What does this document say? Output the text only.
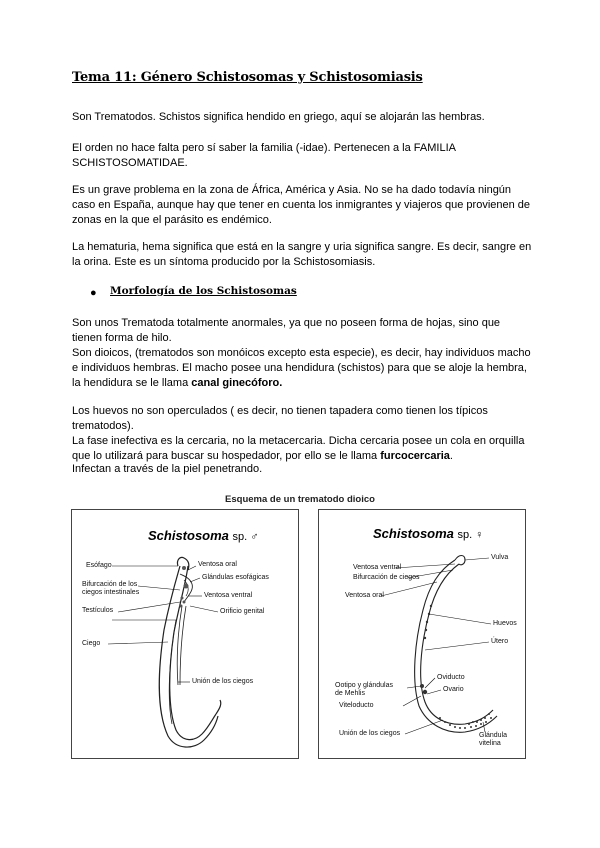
Tema 11: Género Schistosomas y Schistosomiasis
Son Trematodos. Schistos significa hendido en griego, aquí se alojarán las hembras.
El orden no hace falta pero sí saber la familia (-idae). Pertenecen a la FAMILIA SCHISTOSOMATIDAE.
Es un grave problema en la zona de África, América y Asia. No se ha dado todavía ningún caso en España, aunque hay que tener en cuenta los inmigrantes y viajeros que provienen de zonas en la que el parásito es endémico.
La hematuria, hema significa que está en la sangre y uria significa sangre. Es decir, sangre en la orina. Este es un síntoma producido por la Schistosomiasis.
● Morfología de los Schistosomas
Son unos Trematoda totalmente anormales, ya que no poseen forma de hojas, sino que tienen forma de hilo.
Son dioicos, (trematodos son monóicos excepto esta especie), es decir, hay individuos macho e individuos hembras. El macho posee una hendidura (schistos) para que se aloje la hembra, la hendidura se le llama canal ginecóforo.
Los huevos no son operculados ( es decir, no tienen tapadera como tienen los típicos trematodos).
La fase inefectiva es la cercaria, no la metacercaria. Dicha cercaria posee un cola en orquilla que lo utilizará para buscar su hospedador, por ello se le llama furcocercaria.
Infectan a través de la piel penetrando.
Esquema de un trematodo dioico
Schistosoma sp. ♂
Esófago
Bifurcación de los
ciegos intestinales
Testículos
Ciego
Ventosa oral
Glándulas esofágicas
Ventosa ventral
Orificio genital
Unión de los ciegos
Schistosoma sp. ♀
Vulva
Ventosa ventral
Bifurcación de ciegos
Ventosa oral
Huevos
Útero
Ootipo y glándulas
de Mehlis
Oviducto
Ovario
Viteloducto
Unión de los ciegos	Glándula
vitelina
